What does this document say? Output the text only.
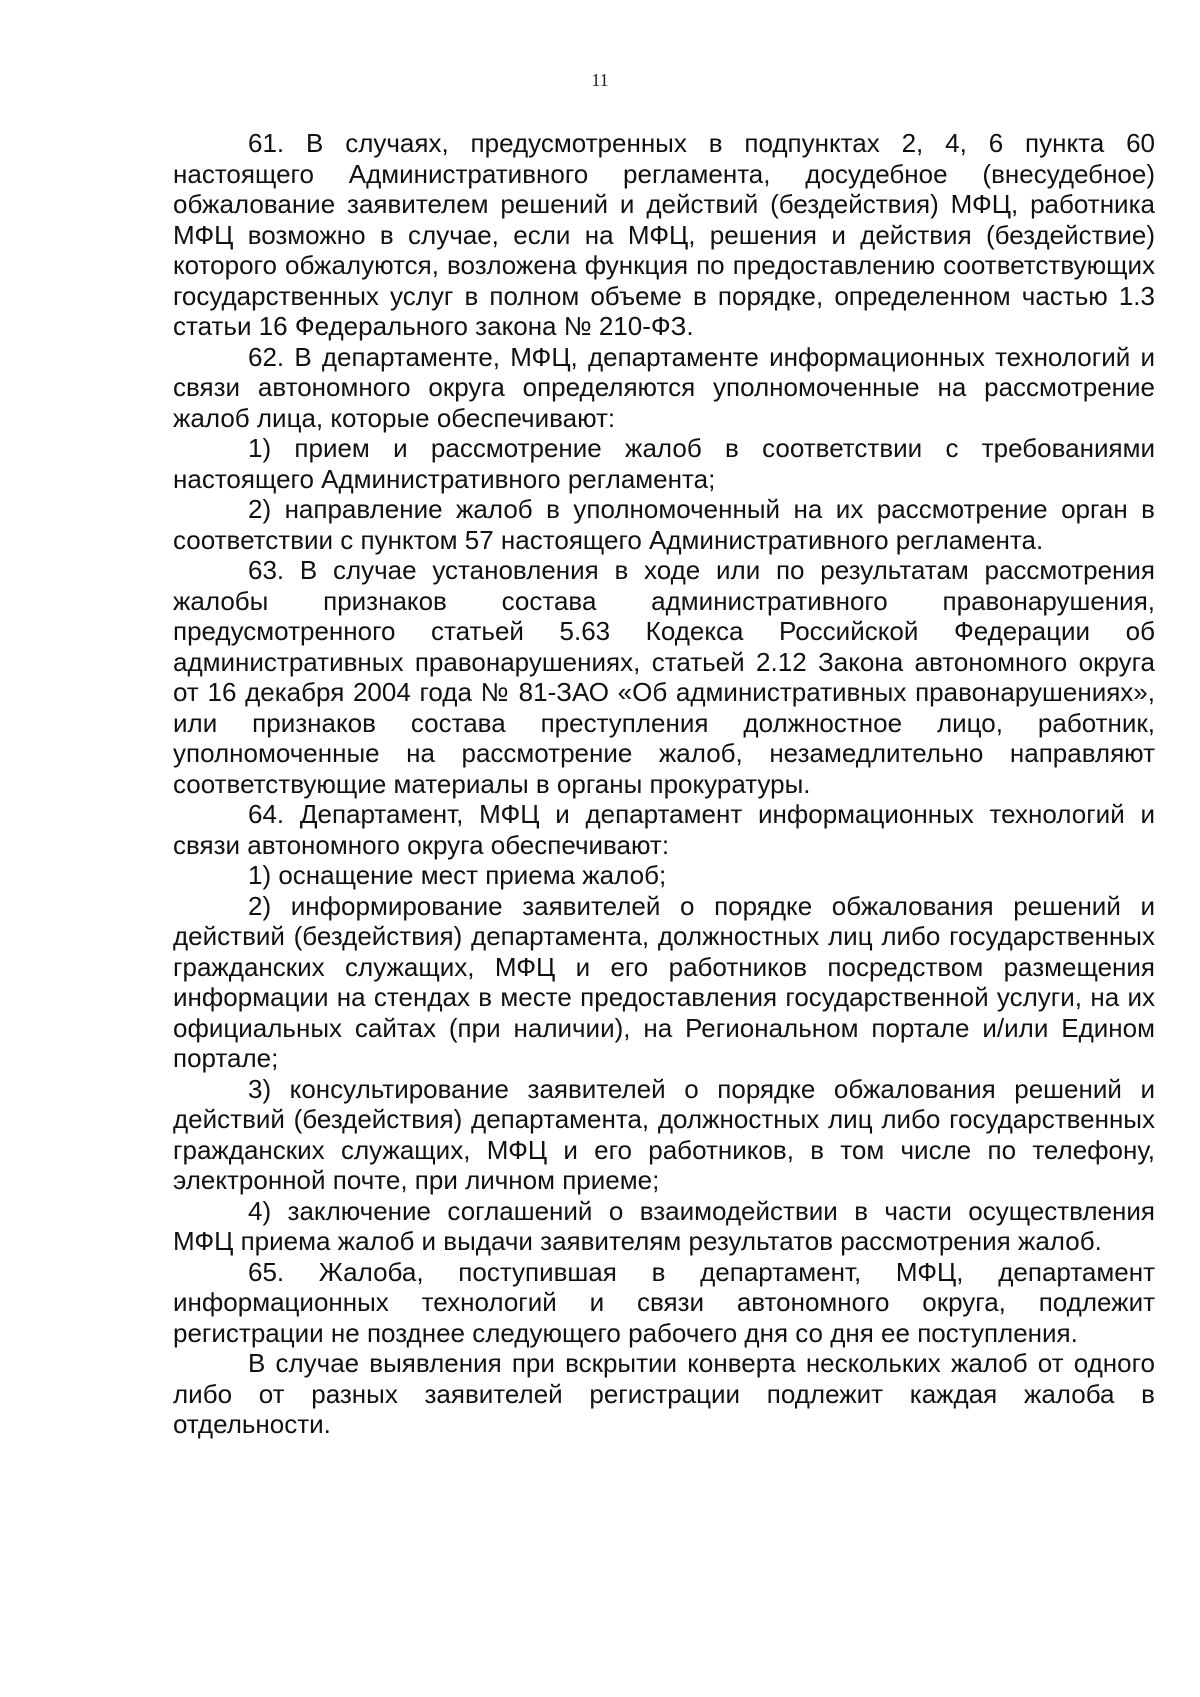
11

61. В случаях, предусмотренных в подпунктах 2, 4, 6 пункта 60 настоящего Административного регламента, досудебное (внесудебное) обжалование заявителем решений и действий (бездействия) МФЦ, работника МФЦ возможно в случае, если на МФЦ, решения и действия (бездействие) которого обжалуются, возложена функция по предоставлению соответствующих государственных услуг в полном объеме в порядке, определенном частью 1.3 статьи 16 Федерального закона № 210-ФЗ.

62. В департаменте, МФЦ, департаменте информационных технологий и связи автономного округа определяются уполномоченные на рассмотрение жалоб лица, которые обеспечивают:

1) прием и рассмотрение жалоб в соответствии с требованиями настоящего Административного регламента;

2) направление жалоб в уполномоченный на их рассмотрение орган в соответствии с пунктом 57 настоящего Административного регламента.

63. В случае установления в ходе или по результатам рассмотрения жалобы признаков состава административного правонарушения, предусмотренного статьей 5.63 Кодекса Российской Федерации об административных правонарушениях, статьей 2.12 Закона автономного округа от 16 декабря 2004 года № 81-ЗАО «Об административных правонарушениях», или признаков состава преступления должностное лицо, работник, уполномоченные на рассмотрение жалоб, незамедлительно направляют соответствующие материалы в органы прокуратуры.

64. Департамент, МФЦ и департамент информационных технологий и связи автономного округа обеспечивают:

1) оснащение мест приема жалоб;

2) информирование заявителей о порядке обжалования решений и действий (бездействия) департамента, должностных лиц либо государственных гражданских служащих, МФЦ и его работников посредством размещения информации на стендах в месте предоставления государственной услуги, на их официальных сайтах (при наличии), на Региональном портале и/или Едином портале;

3) консультирование заявителей о порядке обжалования решений и действий (бездействия) департамента, должностных лиц либо государственных гражданских служащих, МФЦ и его работников, в том числе по телефону, электронной почте, при личном приеме;

4) заключение соглашений о взаимодействии в части осуществления МФЦ приема жалоб и выдачи заявителям результатов рассмотрения жалоб.

65. Жалоба, поступившая в департамент, МФЦ, департамент информационных технологий и связи автономного округа, подлежит регистрации не позднее следующего рабочего дня со дня ее поступления.

В случае выявления при вскрытии конверта нескольких жалоб от одного либо от разных заявителей регистрации подлежит каждая жалоба в отдельности.
